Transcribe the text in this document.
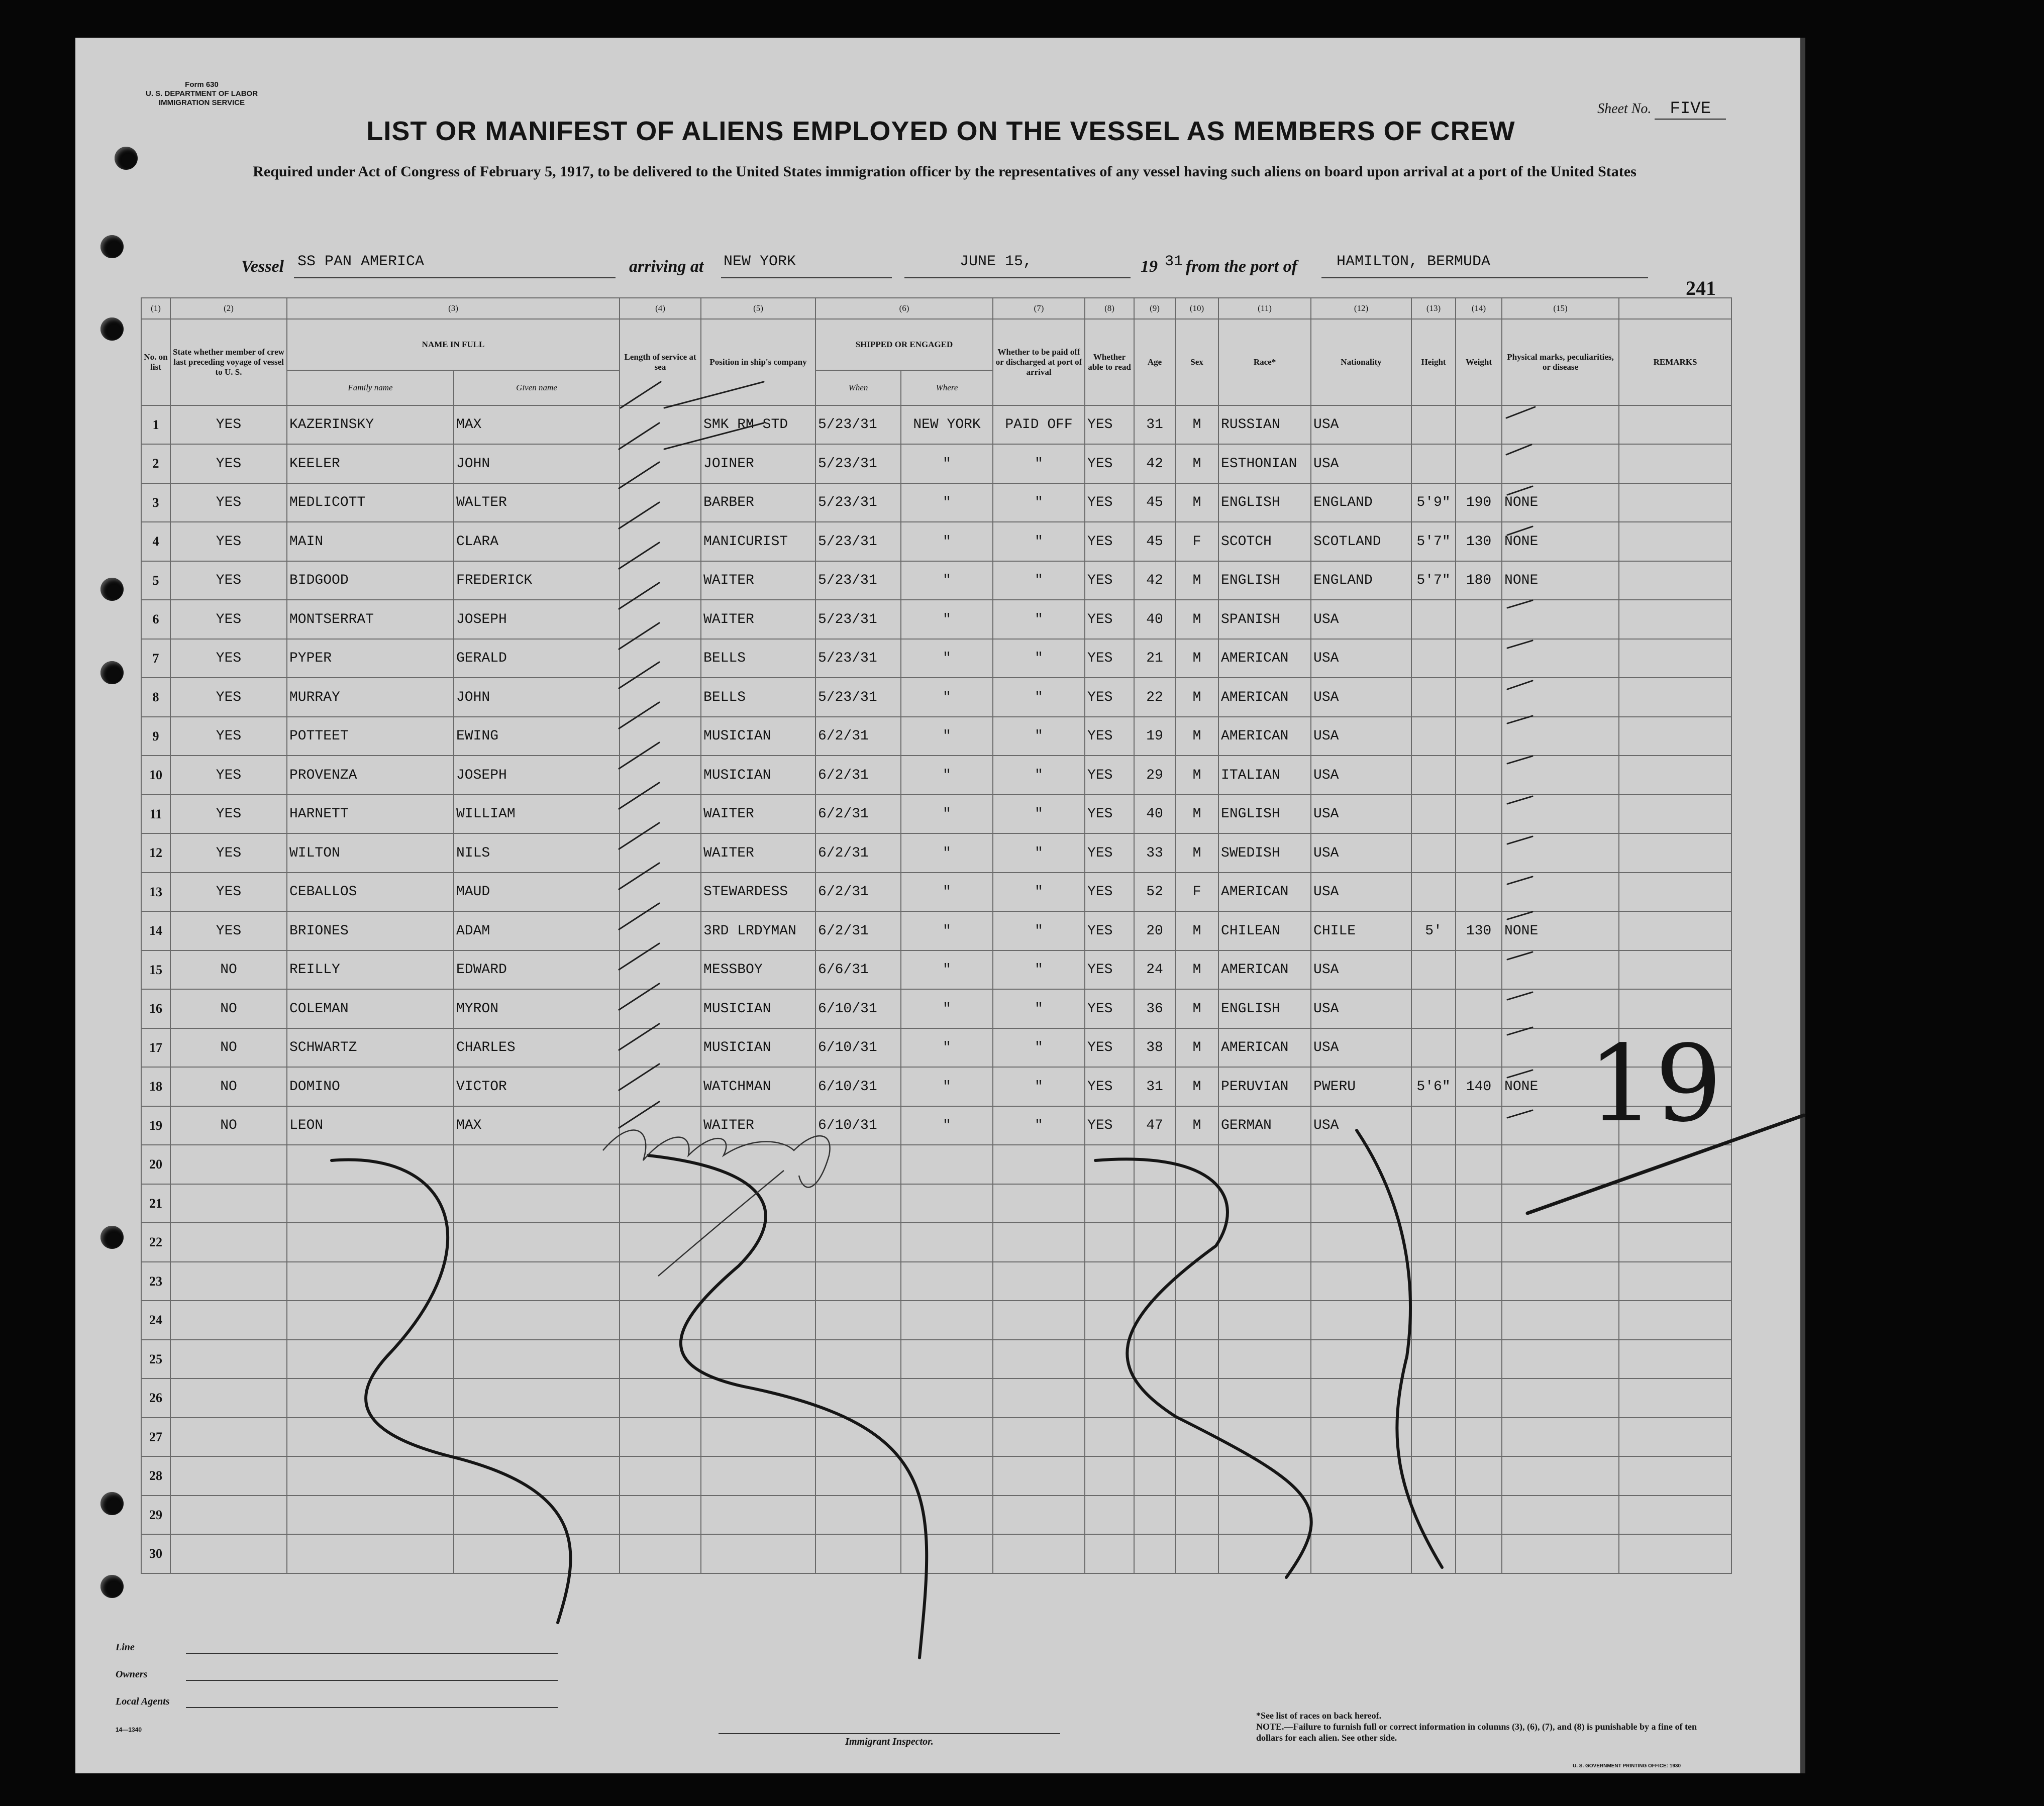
Form 630
U. S. DEPARTMENT OF LABOR
IMMIGRATION SERVICE	Sheet No. FIVE
LIST OR MANIFEST OF ALIENS EMPLOYED ON THE VESSEL AS MEMBERS OF CREW
Required under Act of Congress of February 5, 1917, to be delivered to the United States immigration officer by the representatives of any vessel having such aliens on board upon arrival at a port of the United States
Vessel SS PAN AMERICA	arriving at NEW YORK	JUNE 15,	19 31 from the port of	HAMILTON, BERMUDA
241
(1)	(2)	(3)		(4)	(5)	(6)		(7)	(8)	(9)	(10)	(11)	(12)	(13)	(14)	(15)	
No. on list	State whether member of crew last preceding voyage of vessel to U. S.	NAME IN FULL		Length of service at sea	Position in ship's company	SHIPPED OR ENGAGED		Whether to be paid off or discharged at port of arrival	Whether able to read	Age	Sex	Race*	Nationality	Height	Weight	Physical marks, peculiarities, or disease	REMARKS
		Family name	Given name			When	Where										
1	YES	KAZERINSKY	MAX		SMK RM STD	5/23/31	NEW YORK	PAID OFF	YES	31	M	RUSSIAN	USA				
2	YES	KEELER	JOHN		JOINER	5/23/31	"	"	YES	42	M	ESTHONIAN	USA				
3	YES	MEDLICOTT	WALTER		BARBER	5/23/31	"	"	YES	45	M	ENGLISH	ENGLAND	5'9"	190	NONE	
4	YES	MAIN	CLARA		MANICURIST	5/23/31	"	"	YES	45	F	SCOTCH	SCOTLAND	5'7"	130	NONE	
5	YES	BIDGOOD	FREDERICK		WAITER	5/23/31	"	"	YES	42	M	ENGLISH	ENGLAND	5'7"	180	NONE	
6	YES	MONTSERRAT	JOSEPH		WAITER	5/23/31	"	"	YES	40	M	SPANISH	USA				
7	YES	PYPER	GERALD		BELLS	5/23/31	"	"	YES	21	M	AMERICAN	USA				
8	YES	MURRAY	JOHN		BELLS	5/23/31	"	"	YES	22	M	AMERICAN	USA				
9	YES	POTTEET	EWING		MUSICIAN	6/2/31	"	"	YES	19	M	AMERICAN	USA				
10	YES	PROVENZA	JOSEPH		MUSICIAN	6/2/31	"	"	YES	29	M	ITALIAN	USA				
11	YES	HARNETT	WILLIAM		WAITER	6/2/31	"	"	YES	40	M	ENGLISH	USA				
12	YES	WILTON	NILS		WAITER	6/2/31	"	"	YES	33	M	SWEDISH	USA				
13	YES	CEBALLOS	MAUD		STEWARDESS	6/2/31	"	"	YES	52	F	AMERICAN	USA				
14	YES	BRIONES	ADAM		3RD LRDYMAN	6/2/31	"	"	YES	20	M	CHILEAN	CHILE	5'	130	NONE	
15	NO	REILLY	EDWARD		MESSBOY	6/6/31	"	"	YES	24	M	AMERICAN	USA				
16	NO	COLEMAN	MYRON		MUSICIAN	6/10/31	"	"	YES	36	M	ENGLISH	USA				
17	NO	SCHWARTZ	CHARLES		MUSICIAN	6/10/31	"	"	YES	38	M	AMERICAN	USA				
18	NO	DOMINO	VICTOR		WATCHMAN	6/10/31	"	"	YES	31	M	PERUVIAN	PWERU	5'6"	140	NONE	
19	NO	LEON	MAX		WAITER	6/10/31	"	"	YES	47	M	GERMAN	USA				
20																	
21																	
22																	
23																	
24																	
25																	
26																	
27																	
28																	
29																	
30																	
Line
Owners
Local Agents
14—1340
Immigrant Inspector.
*See list of races on back hereof.
NOTE.—Failure to furnish full or correct information in columns (3), (6), (7), and (8) is punishable by a fine of ten dollars for each alien. See other side.
U. S. GOVERNMENT PRINTING OFFICE: 1930
19
